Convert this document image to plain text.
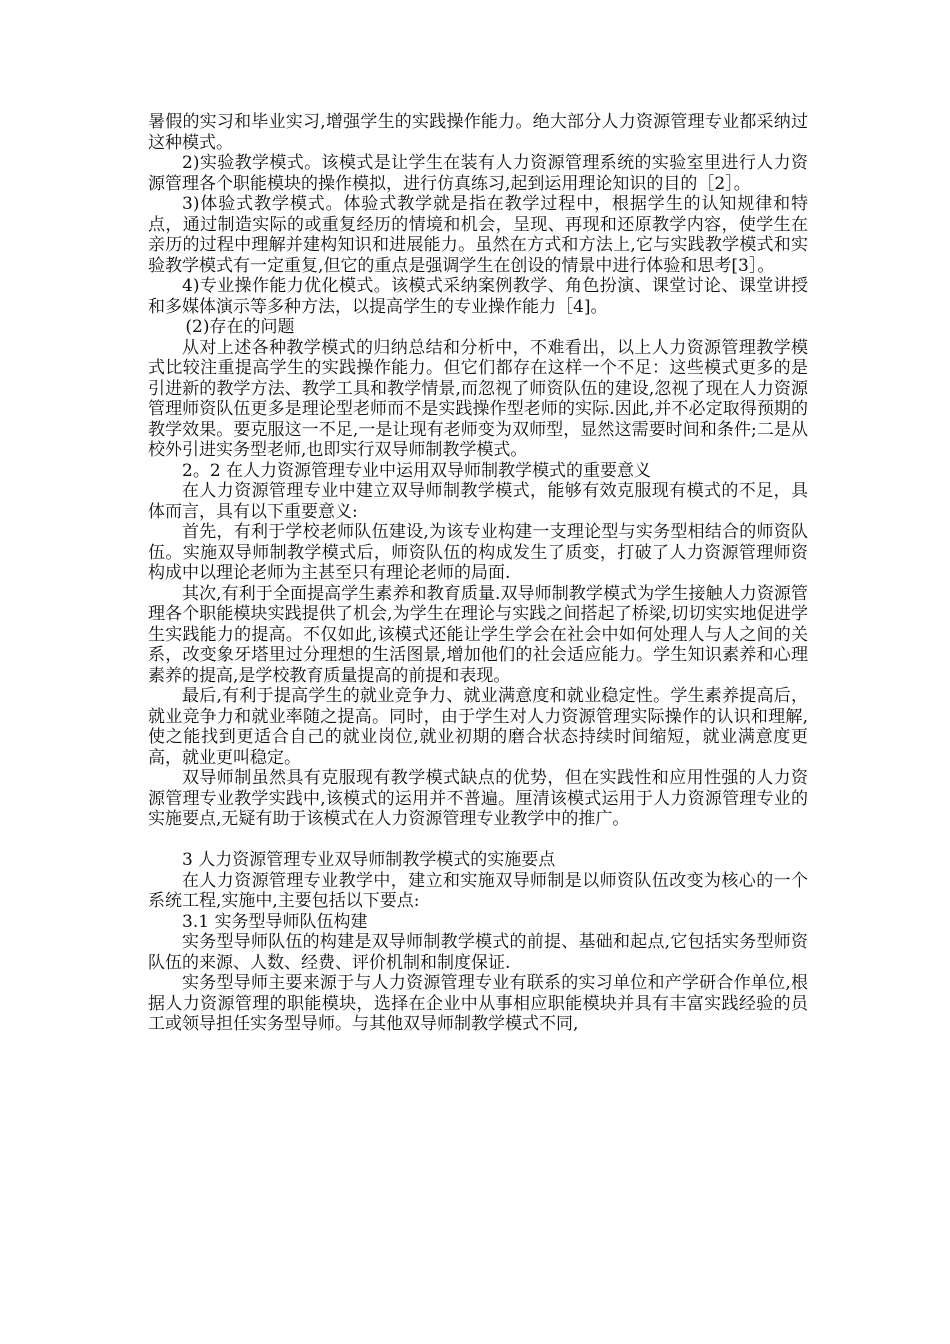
暑假的实习和毕业实习,增强学生的实践操作能力。绝大部分人力资源管理专业都采纳过这种模式。

2)实验教学模式。该模式是让学生在装有人力资源管理系统的实验室里进行人力资源管理各个职能模块的操作模拟，进行仿真练习,起到运用理论知识的目的［2］。

3)体验式教学模式。体验式教学就是指在教学过程中，根据学生的认知规律和特点，通过制造实际的或重复经历的情境和机会，呈现、再现和还原教学内容，使学生在亲历的过程中理解并建构知识和进展能力。虽然在方式和方法上,它与实践教学模式和实验教学模式有一定重复,但它的重点是强调学生在创设的情景中进行体验和思考[3］。

4)专业操作能力优化模式。该模式采纳案例教学、角色扮演、课堂讨论、课堂讲授和多媒体演示等多种方法，以提高学生的专业操作能力［4]。

(2)存在的问题

从对上述各种教学模式的归纳总结和分析中，不难看出，以上人力资源管理教学模式比较注重提高学生的实践操作能力。但它们都存在这样一个不足：这些模式更多的是引进新的教学方法、教学工具和教学情景,而忽视了师资队伍的建设,忽视了现在人力资源管理师资队伍更多是理论型老师而不是实践操作型老师的实际.因此,并不必定取得预期的教学效果。要克服这一不足,一是让现有老师变为双师型，显然这需要时间和条件;二是从校外引进实务型老师,也即实行双导师制教学模式。

2。2 在人力资源管理专业中运用双导师制教学模式的重要意义

在人力资源管理专业中建立双导师制教学模式，能够有效克服现有模式的不足，具体而言，具有以下重要意义:

首先，有利于学校老师队伍建设,为该专业构建一支理论型与实务型相结合的师资队伍。实施双导师制教学模式后，师资队伍的构成发生了质变，打破了人力资源管理师资构成中以理论老师为主甚至只有理论老师的局面.

其次,有利于全面提高学生素养和教育质量.双导师制教学模式为学生接触人力资源管理各个职能模块实践提供了机会,为学生在理论与实践之间搭起了桥梁,切切实实地促进学生实践能力的提高。不仅如此,该模式还能让学生学会在社会中如何处理人与人之间的关系，改变象牙塔里过分理想的生活图景,增加他们的社会适应能力。学生知识素养和心理素养的提高,是学校教育质量提高的前提和表现。

最后,有利于提高学生的就业竞争力、就业满意度和就业稳定性。学生素养提高后，就业竞争力和就业率随之提高。同时，由于学生对人力资源管理实际操作的认识和理解,使之能找到更适合自己的就业岗位,就业初期的磨合状态持续时间缩短，就业满意度更高，就业更叫稳定。

双导师制虽然具有克服现有教学模式缺点的优势，但在实践性和应用性强的人力资源管理专业教学实践中,该模式的运用并不普遍。厘清该模式运用于人力资源管理专业的实施要点,无疑有助于该模式在人力资源管理专业教学中的推广。

3 人力资源管理专业双导师制教学模式的实施要点

在人力资源管理专业教学中，建立和实施双导师制是以师资队伍改变为核心的一个系统工程,实施中,主要包括以下要点:

3.1 实务型导师队伍构建

实务型导师队伍的构建是双导师制教学模式的前提、基础和起点,它包括实务型师资队伍的来源、人数、经费、评价机制和制度保证.

实务型导师主要来源于与人力资源管理专业有联系的实习单位和产学研合作单位,根据人力资源管理的职能模块，选择在企业中从事相应职能模块并具有丰富实践经验的员工或领导担任实务型导师。与其他双导师制教学模式不同,
